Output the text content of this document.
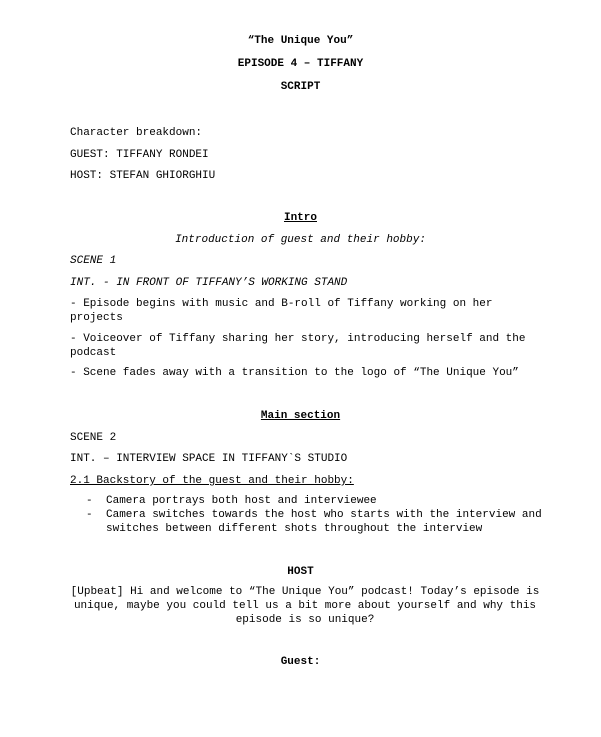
“The Unique You”
EPISODE 4 – TIFFANY
SCRIPT
Character breakdown:
GUEST: TIFFANY RONDEI
HOST: STEFAN GHIORGHIU
Intro
Introduction of guest and their hobby:
SCENE 1
INT. - IN FRONT OF TIFFANY’S WORKING STAND
- Episode begins with music and B-roll of Tiffany working on her projects
- Voiceover of Tiffany sharing her story, introducing herself and the podcast
- Scene fades away with a transition to the logo of “The Unique You”
Main section
SCENE 2
INT. – INTERVIEW SPACE IN TIFFANY`S STUDIO
2.1 Backstory of the guest and their hobby:
- Camera portrays both host and interviewee
- Camera switches towards the host who starts with the interview and switches between different shots throughout the interview
HOST
[Upbeat] Hi and welcome to “The Unique You” podcast! Today’s episode is unique, maybe you could tell us a bit more about yourself and why this episode is so unique?
Guest:
